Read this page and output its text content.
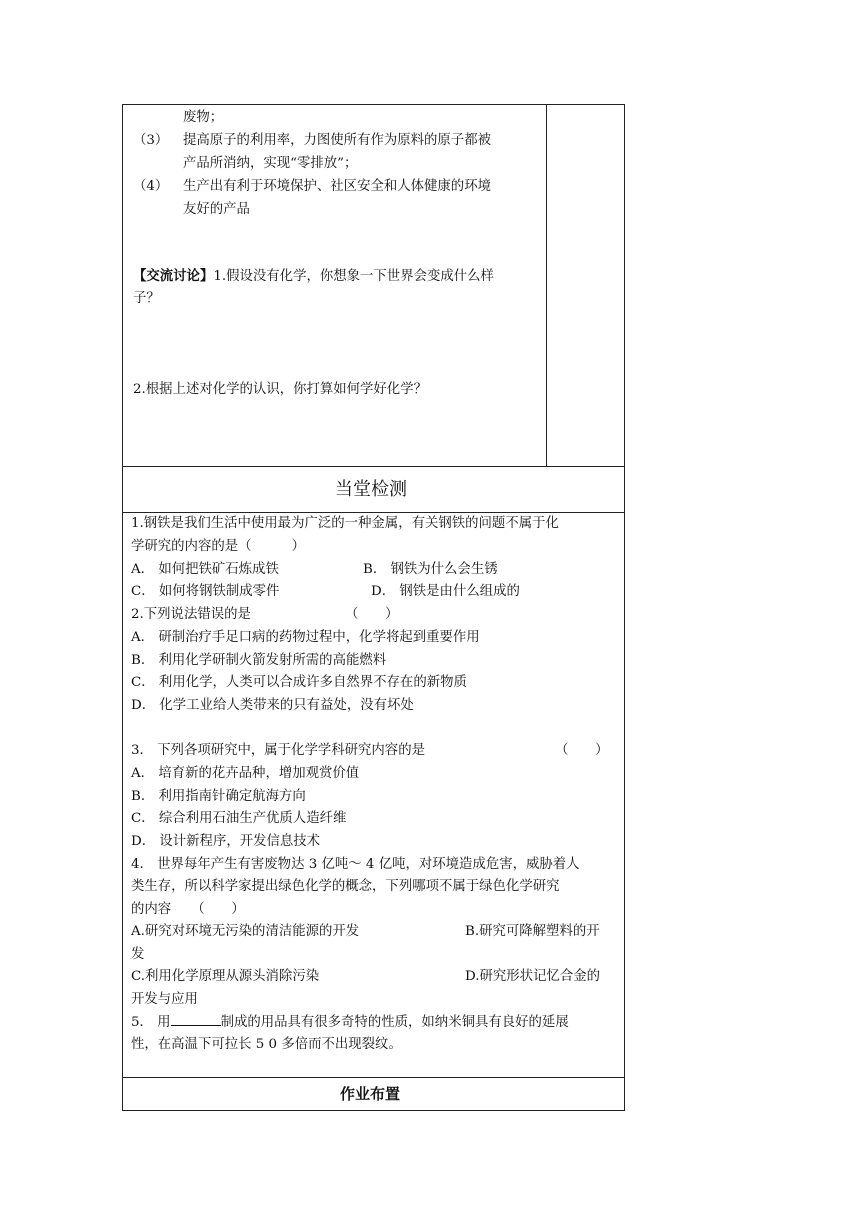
废物；
（3） 提高原子的利用率，力图使所有作为原料的原子都被
产品所消纳，实现“零排放”；
（4） 生产出有利于环境保护、社区安全和人体健康的环境
友好的产品
【交流讨论】1.假设没有化学，你想象一下世界会变成什么样
子？
2.根据上述对化学的认识，你打算如何学好化学？
当堂检测
1.钢铁是我们生活中使用最为广泛的一种金属，有关钢铁的问题不属于化
学研究的内容的是（　　　）
A． 如何把铁矿石炼成铁	B． 钢铁为什么会生锈
C． 如何将钢铁制成零件	D． 钢铁是由什么组成的
2.下列说法错误的是	（　　）
A． 研制治疗手足口病的药物过程中，化学将起到重要作用
B． 利用化学研制火箭发射所需的高能燃料
C． 利用化学，人类可以合成许多自然界不存在的新物质
D． 化学工业给人类带来的只有益处，没有坏处
3． 下列各项研究中，属于化学学科研究内容的是	（　　）
A． 培育新的花卉品种，增加观赏价值
B． 利用指南针确定航海方向
C． 综合利用石油生产优质人造纤维
D． 设计新程序，开发信息技术
4． 世界每年产生有害废物达 3 亿吨～ 4 亿吨，对环境造成危害，威胁着人
类生存，所以科学家提出绿色化学的概念，下列哪项不属于绿色化学研究
的内容　　（　　）
A.研究对环境无污染的清洁能源的开发	B.研究可降解塑料的开
发
C.利用化学原理从源头消除污染	D.研究形状记忆合金的
开发与应用
5． 用	制成的用品具有很多奇特的性质，如纳米铜具有良好的延展
性，在高温下可拉长 5 0 多倍而不出现裂纹。
作业布置
